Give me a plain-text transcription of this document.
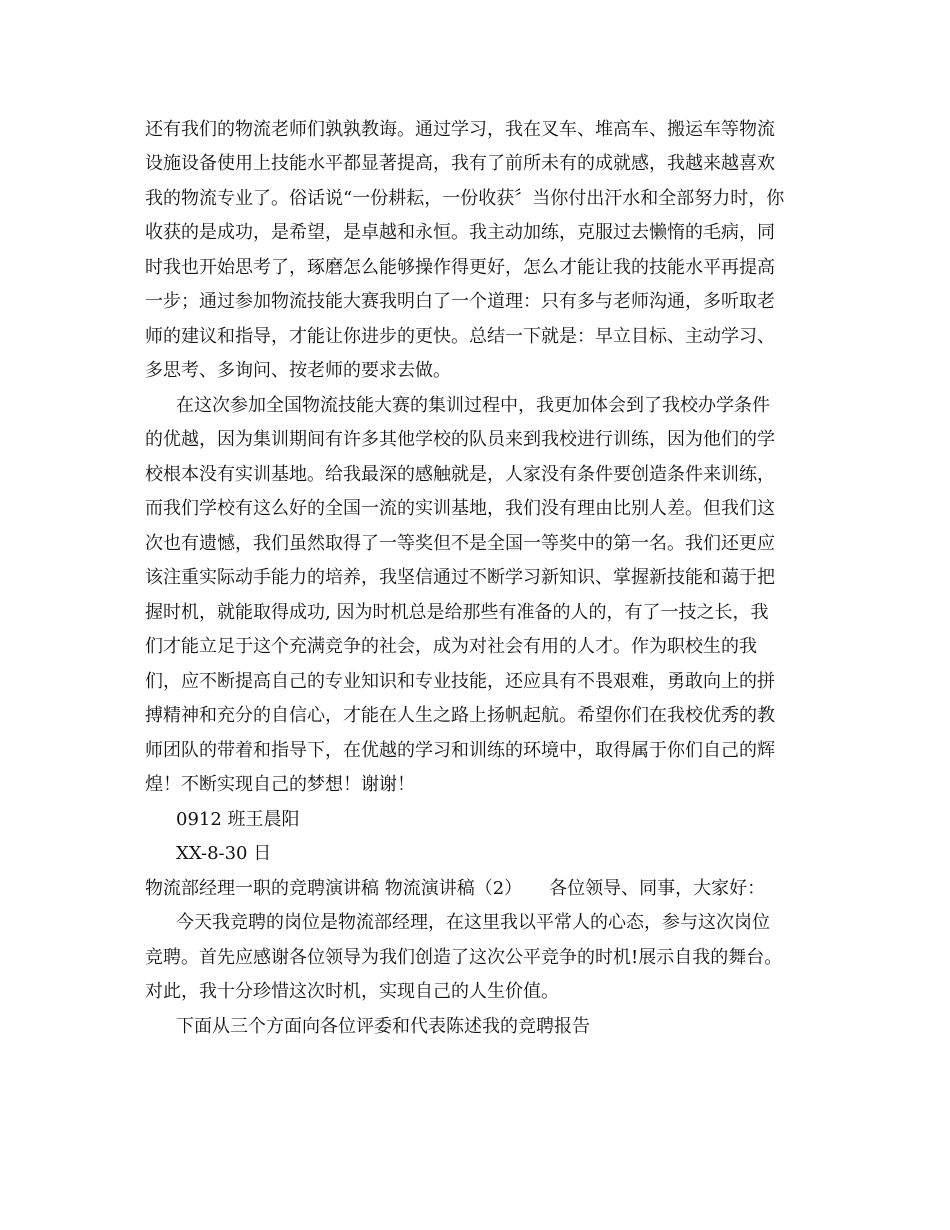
还有我们的物流老师们孰孰教诲。通过学习，我在叉车、堆高车、搬运车等物流
设施设备使用上技能水平都显著提高，我有了前所未有的成就感，我越来越喜欢
我的物流专业了。俗话说“一份耕耘，一份收获〞当你付出汗水和全部努力时，你
收获的是成功，是希望，是卓越和永恒。我主动加练，克服过去懒惰的毛病，同
时我也开始思考了，琢磨怎么能够操作得更好，怎么才能让我的技能水平再提高
一步；通过参加物流技能大赛我明白了一个道理：只有多与老师沟通，多听取老
师的建议和指导，才能让你进步的更快。总结一下就是：早立目标、主动学习、
多思考、多询问、按老师的要求去做。
在这次参加全国物流技能大赛的集训过程中，我更加体会到了我校办学条件
的优越，因为集训期间有许多其他学校的队员来到我校进行训练，因为他们的学
校根本没有实训基地。给我最深的感触就是，人家没有条件要创造条件来训练，
而我们学校有这么好的全国一流的实训基地，我们没有理由比别人差。但我们这
次也有遗憾，我们虽然取得了一等奖但不是全国一等奖中的第一名。我们还更应
该注重实际动手能力的培养，我坚信通过不断学习新知识、掌握新技能和蔼于把
握时机，就能取得成功, 因为时机总是给那些有准备的人的，有了一技之长，我
们才能立足于这个充满竞争的社会，成为对社会有用的人才。作为职校生的我
们，应不断提高自己的专业知识和专业技能，还应具有不畏艰难，勇敢向上的拼
搏精神和充分的自信心，才能在人生之路上扬帆起航。希望你们在我校优秀的教
师团队的带着和指导下，在优越的学习和训练的环境中，取得属于你们自己的辉
煌！不断实现自己的梦想！谢谢！
0912 班王晨阳
XX-8-30 日
物流部经理一职的竞聘演讲稿 物流演讲稿（2）　　各位领导、同事，大家好：
今天我竞聘的岗位是物流部经理，在这里我以平常人的心态，参与这次岗位
竞聘。首先应感谢各位领导为我们创造了这次公平竞争的时机!展示自我的舞台。
对此，我十分珍惜这次时机，实现自己的人生价值。
下面从三个方面向各位评委和代表陈述我的竞聘报告
